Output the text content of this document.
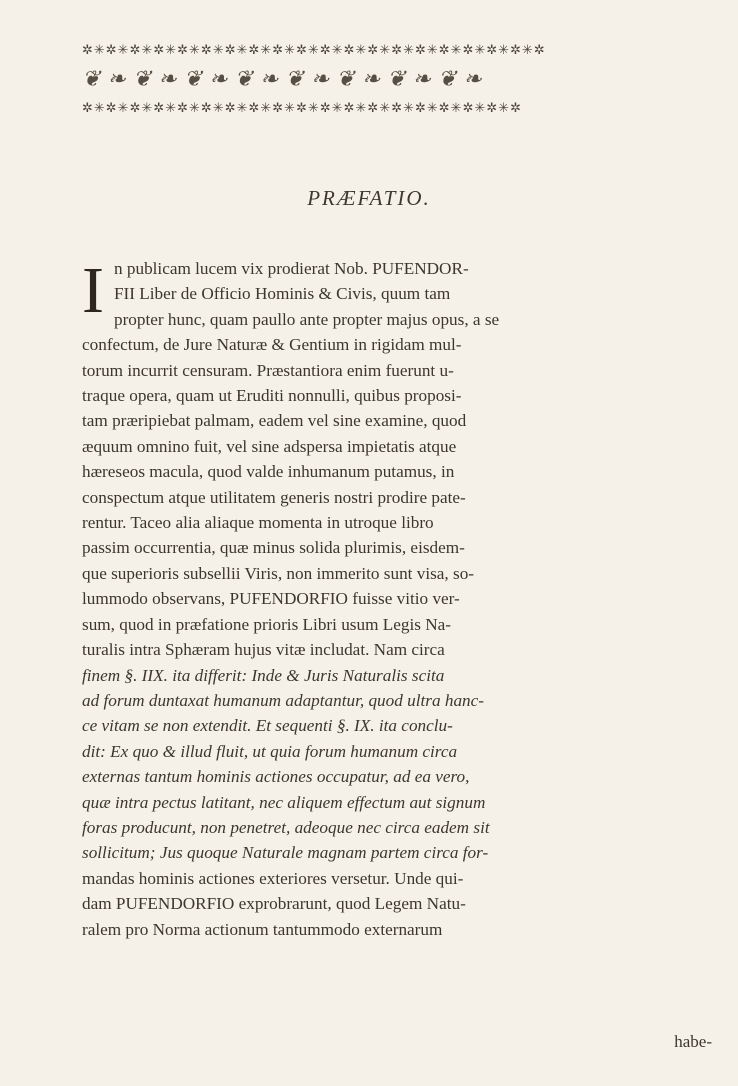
✲✳✲✳✲✳✲✳✲✳✲✳✲✳✲✳✲✳✲✳✲✳✲✳✲✳✲✳✲✳✲✳✲✳✲✳✲✳✲
❦ ❧ ❦ ❧ ❦ ❧ ❦ ❧ ❦ ❧ ❦ ❧ ❦ ❧ ❦ ❧
✲✳✲✳✲✳✲✳✲✳✲✳✲✳✲✳✲✳✲✳✲✳✲✳✲✳✲✳✲✳✲✳✲✳✲✳✲
PRÆFATIO.
I n publicam lucem vix prodierat Nob. PUFENDOR-
FII Liber de Officio Hominis & Civis, quum tam
propter hunc, quam paullo ante propter majus opus, a se
confectum, de Jure Naturæ & Gentium in rigidam mul-
torum incurrit censuram. Præstantiora enim fuerunt u-
traque opera, quam ut Eruditi nonnulli, quibus proposi-
tam præripiebat palmam, eadem vel sine examine, quod
æquum omnino fuit, vel sine adspersa impietatis atque
hæreseos macula, quod valde inhumanum putamus, in
conspectum atque utilitatem generis nostri prodire pate-
rentur. Taceo alia aliaque momenta in utroque libro
passim occurrentia, quæ minus solida plurimis, eisdem-
que superioris subsellii Viris, non immerito sunt visa, so-
lummodo observans, PUFENDORFIO fuisse vitio ver-
sum, quod in præfatione prioris Libri usum Legis Na-
turalis intra Sphæram hujus vitæ includat. Nam circa
finem §. IIX. ita differit: Inde & Juris Naturalis scita
ad forum duntaxat humanum adaptantur, quod ultra hanc-
ce vitam se non extendit. Et sequenti §. IX. ita conclu-
dit: Ex quo & illud fluit, ut quia forum humanum circa
externas tantum hominis actiones occupatur, ad ea vero,
quæ intra pectus latitant, nec aliquem effectum aut signum
foras producunt, non penetret, adeoque nec circa eadem sit
sollicitum; Jus quoque Naturale magnam partem circa for-
mandas hominis actiones exteriores versetur. Unde qui-
dam PUFENDORFIO exprobrarunt, quod Legem Natu-
ralem pro Norma actionum tantummodo externarum
habe-
